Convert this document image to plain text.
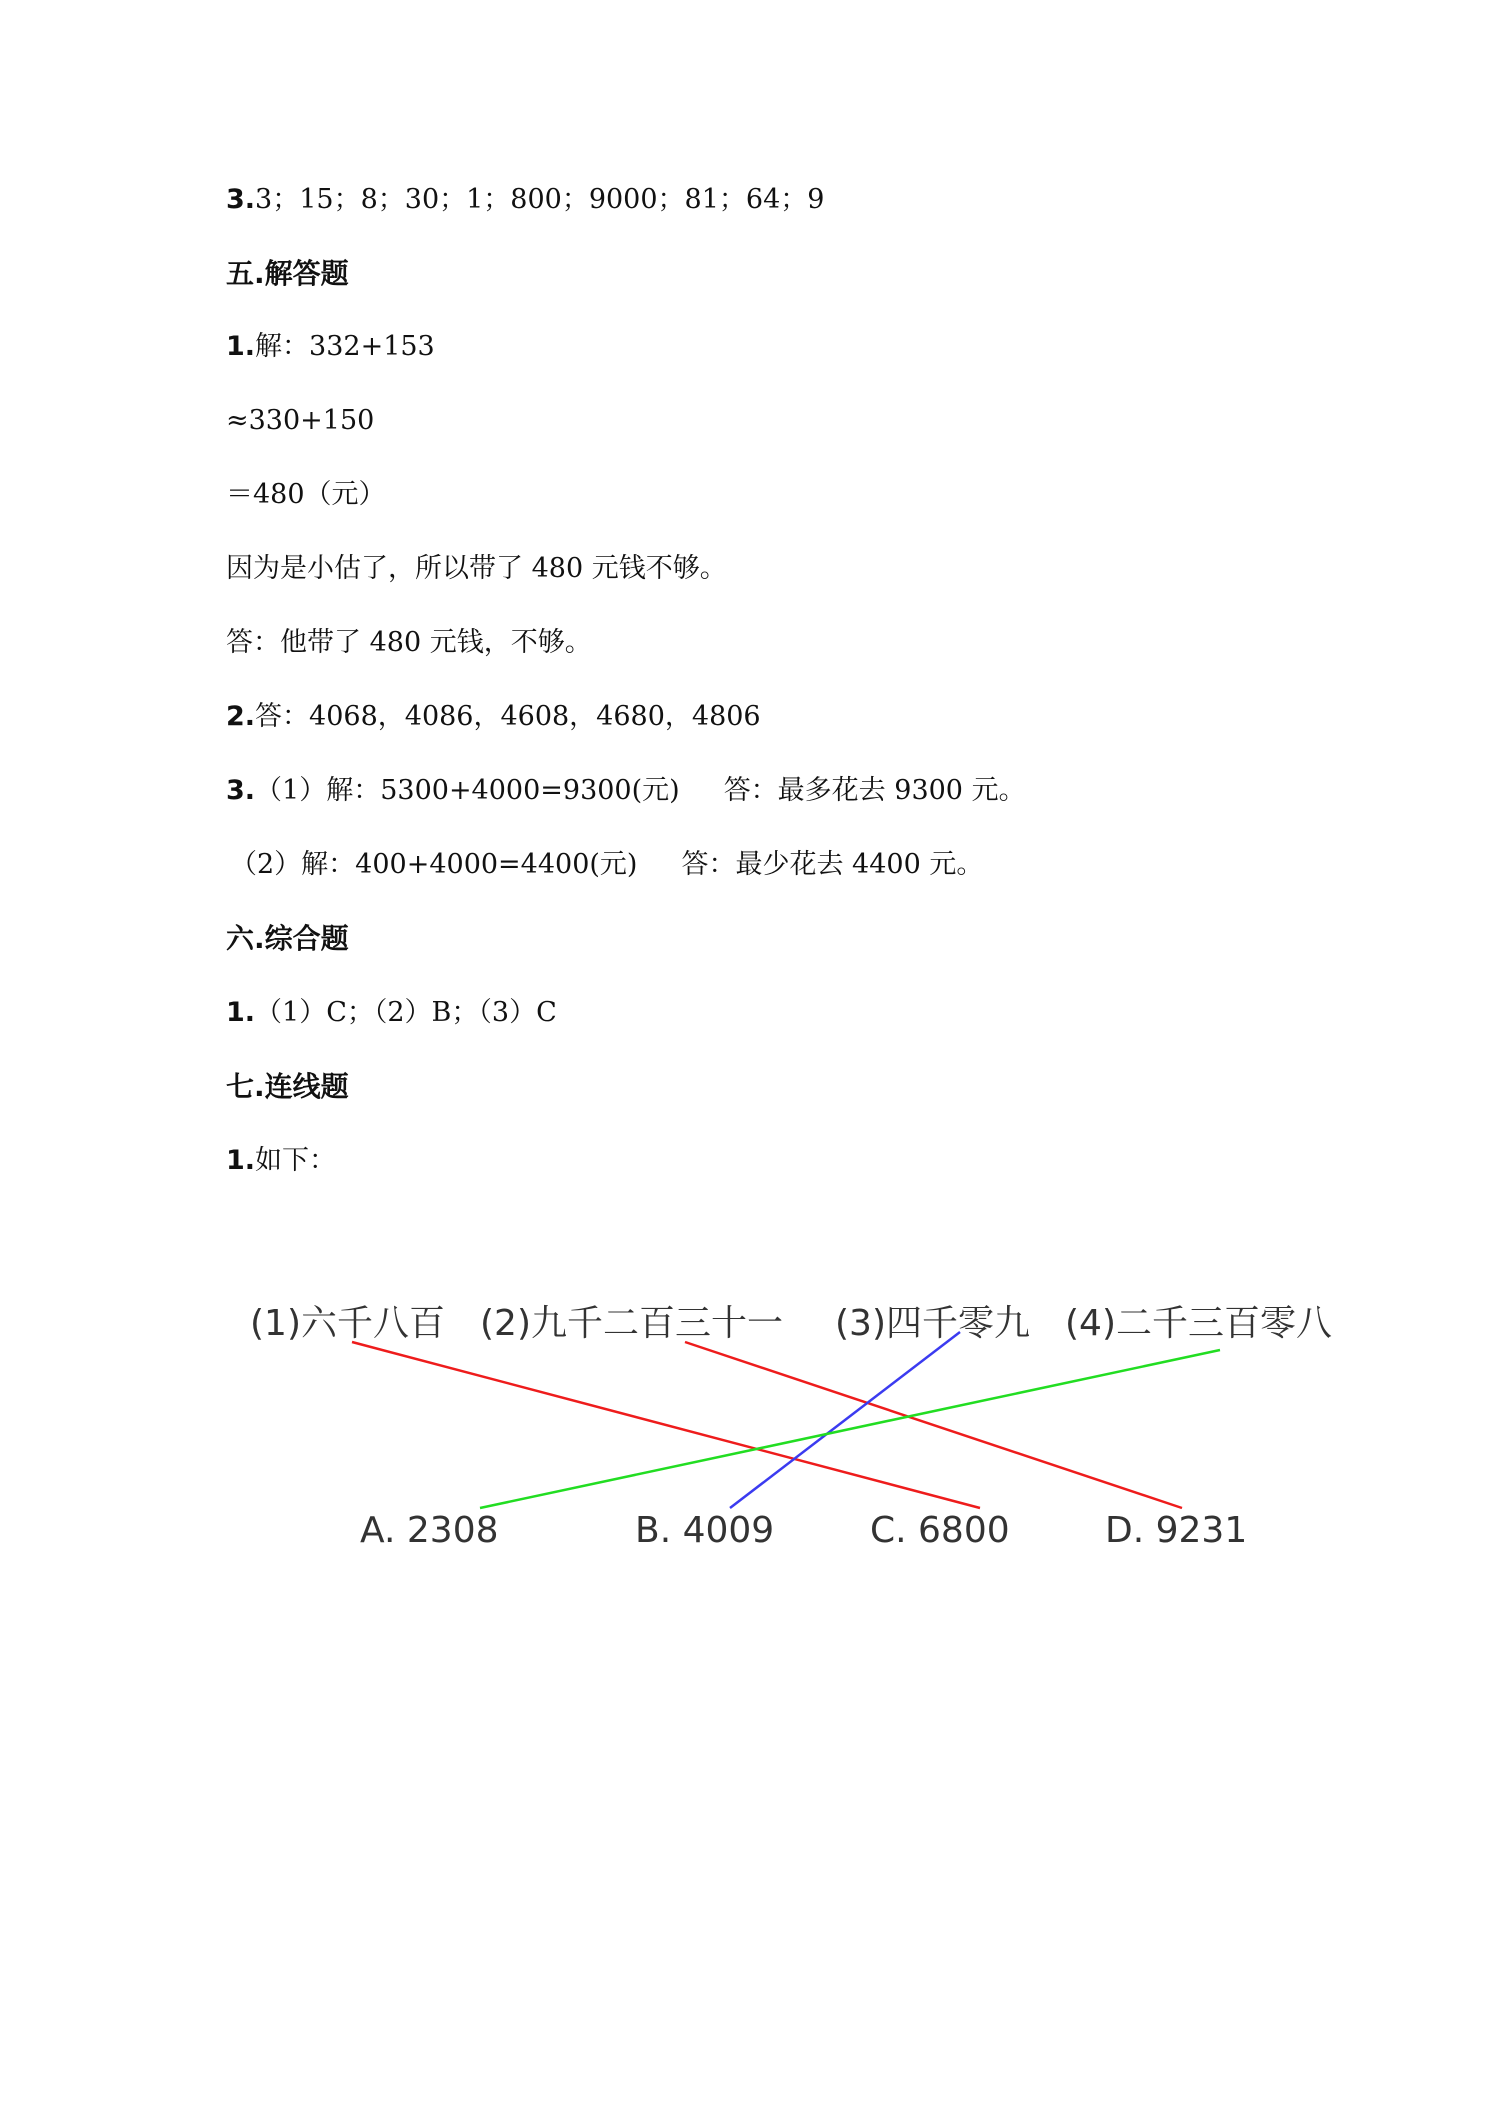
3.3；15；8；30；1；800；9000；81；64；9
五.解答题
1.解：332+153
≈330+150
＝480（元）
因为是小估了，所以带了 480 元钱不够。
答：他带了 480 元钱，不够。
2.答：4068，4086，4608，4680，4806
3.（1）解：5300+4000=9300(元) 答：最多花去 9300 元。
（2）解：400+4000=4400(元) 答：最少花去 4400 元。
六.综合题
1.（1）C；（2）B；（3）C
七.连线题
1.如下：
(1)六千八百 (2)九千二百三十一 (3)四千零九 (4)二千三百零八
A. 2308	B. 4009	C. 6800	D. 9231
